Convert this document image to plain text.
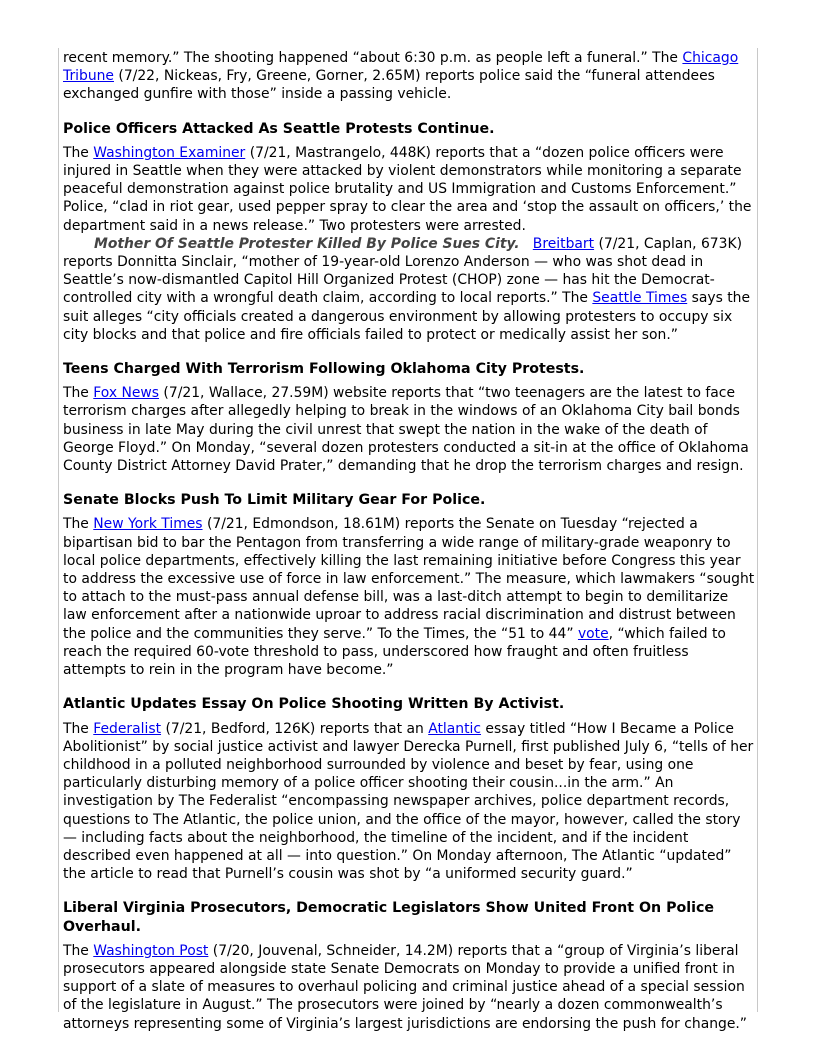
recent memory.” The shooting happened “about 6:30 p.m. as people left a funeral.” The Chicago Tribune (7/22, Nickeas, Fry, Greene, Gorner, 2.65M) reports police said the “funeral attendees exchanged gunfire with those” inside a passing vehicle.

Police Officers Attacked As Seattle Protests Continue.

The Washington Examiner (7/21, Mastrangelo, 448K) reports that a “dozen police officers were injured in Seattle when they were attacked by violent demonstrators while monitoring a separate peaceful demonstration against police brutality and US Immigration and Customs Enforcement.” Police, “clad in riot gear, used pepper spray to clear the area and ‘stop the assault on officers,’ the department said in a news release.” Two protesters were arrested.

Mother Of Seattle Protester Killed By Police Sues City. Breitbart (7/21, Caplan, 673K) reports Donnitta Sinclair, “mother of 19-year-old Lorenzo Anderson — who was shot dead in Seattle’s now-dismantled Capitol Hill Organized Protest (CHOP) zone — has hit the Democrat-controlled city with a wrongful death claim, according to local reports.” The Seattle Times says the suit alleges “city officials created a dangerous environment by allowing protesters to occupy six city blocks and that police and fire officials failed to protect or medically assist her son.”

Teens Charged With Terrorism Following Oklahoma City Protests.

The Fox News (7/21, Wallace, 27.59M) website reports that “two teenagers are the latest to face terrorism charges after allegedly helping to break in the windows of an Oklahoma City bail bonds business in late May during the civil unrest that swept the nation in the wake of the death of George Floyd.” On Monday, “several dozen protesters conducted a sit-in at the office of Oklahoma County District Attorney David Prater,” demanding that he drop the terrorism charges and resign.

Senate Blocks Push To Limit Military Gear For Police.

The New York Times (7/21, Edmondson, 18.61M) reports the Senate on Tuesday “rejected a bipartisan bid to bar the Pentagon from transferring a wide range of military-grade weaponry to local police departments, effectively killing the last remaining initiative before Congress this year to address the excessive use of force in law enforcement.” The measure, which lawmakers “sought to attach to the must-pass annual defense bill, was a last-ditch attempt to begin to demilitarize law enforcement after a nationwide uproar to address racial discrimination and distrust between the police and the communities they serve.” To the Times, the “51 to 44” vote, “which failed to reach the required 60-vote threshold to pass, underscored how fraught and often fruitless attempts to rein in the program have become.”

Atlantic Updates Essay On Police Shooting Written By Activist.

The Federalist (7/21, Bedford, 126K) reports that an Atlantic essay titled “How I Became a Police Abolitionist” by social justice activist and lawyer Derecka Purnell, first published July 6, “tells of her childhood in a polluted neighborhood surrounded by violence and beset by fear, using one particularly disturbing memory of a police officer shooting their cousin...in the arm.” An investigation by The Federalist “encompassing newspaper archives, police department records, questions to The Atlantic, the police union, and the office of the mayor, however, called the story — including facts about the neighborhood, the timeline of the incident, and if the incident described even happened at all — into question.” On Monday afternoon, The Atlantic “updated” the article to read that Purnell’s cousin was shot by “a uniformed security guard.”

Liberal Virginia Prosecutors, Democratic Legislators Show United Front On Police Overhaul.

The Washington Post (7/20, Jouvenal, Schneider, 14.2M) reports that a “group of Virginia’s liberal prosecutors appeared alongside state Senate Democrats on Monday to provide a unified front in support of a slate of measures to overhaul policing and criminal justice ahead of a special session of the legislature in August.” The prosecutors were joined by “nearly a dozen commonwealth’s attorneys representing some of Virginia’s largest jurisdictions are endorsing the push for change.”
